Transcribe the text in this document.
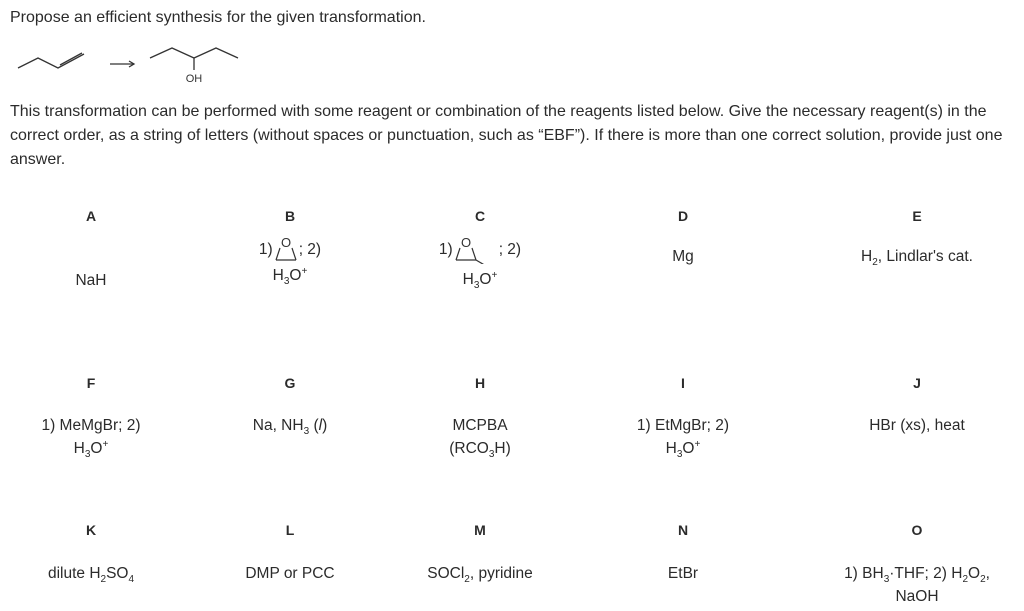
Propose an efficient synthesis for the given transformation.
OH
This transformation can be performed with some reagent or combination of the reagents listed below. Give the necessary reagent(s) in the correct order, as a string of letters (without spaces or punctuation, such as “EBF”). If there is more than one correct solution, provide just one answer.
A
NaH
B
1) O ; 2)
$H_3O^+$
C
1) O ; 2)
$H_3O^+$
D
Mg
E
$H_2$, Lindlar's cat.
F
1) MeMgBr; 2)
$H_3O^+$
G
Na, $NH_3$ (l)
H
MCPBA
$(RCO_3H)$
I
1) EtMgBr; 2)
$H_3O^+$
J
HBr (xs), heat
K
dilute $H_2SO_4$
L
DMP or PCC
M
SOCl$_2$, pyridine
N
EtBr
O
1) $BH_3\cdot THF$; 2) $H_2O_2$,
NaOH
